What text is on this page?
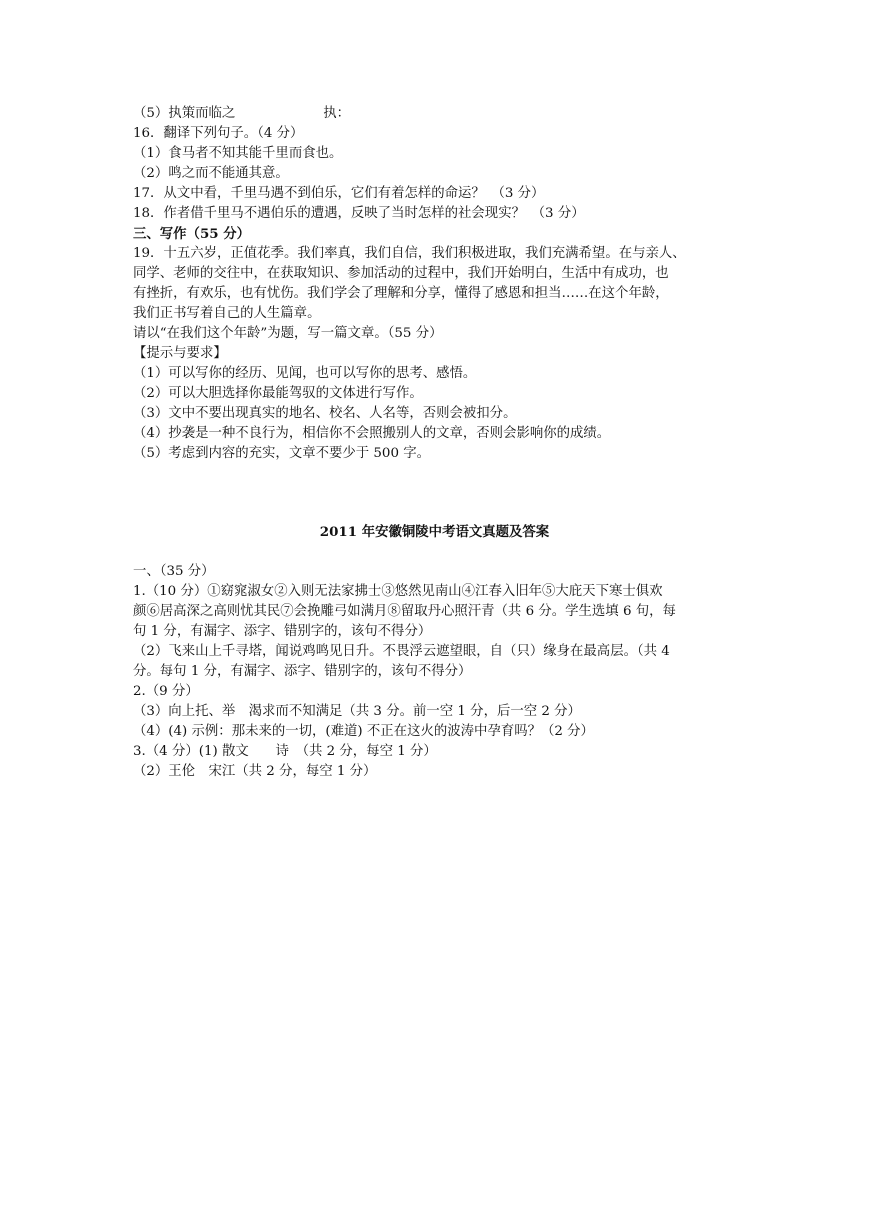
（5）执策而临之	执：
16．翻译下列句子。（4 分）
（1）食马者不知其能千里而食也。
（2）鸣之而不能通其意。
17．从文中看，千里马遇不到伯乐，它们有着怎样的命运？　（3 分）
18．作者借千里马不遇伯乐的遭遇，反映了当时怎样的社会现实？　（3 分）
三、写作（55 分）
19．十五六岁，正值花季。我们率真，我们自信，我们积极进取，我们充满希望。在与亲人、
同学、老师的交往中，在获取知识、参加活动的过程中，我们开始明白，生活中有成功，也
有挫折，有欢乐，也有忧伤。我们学会了理解和分享，懂得了感恩和担当……在这个年龄，
我们正书写着自己的人生篇章。
请以“在我们这个年龄”为题，写一篇文章。（55 分）
【提示与要求】
（1）可以写你的经历、见闻，也可以写你的思考、感悟。
（2）可以大胆选择你最能驾驭的文体进行写作。
（3）文中不要出现真实的地名、校名、人名等，否则会被扣分。
（4）抄袭是一种不良行为，相信你不会照搬别人的文章，否则会影响你的成绩。
（5）考虑到内容的充实，文章不要少于 500 字。
2011 年安徽铜陵中考语文真题及答案
一、（35 分）
1.（10 分）①窈窕淑女②入则无法家拂士③悠然见南山④江春入旧年⑤大庇天下寒士俱欢
颜⑥居高深之高则忧其民⑦会挽雕弓如满月⑧留取丹心照汗青（共 6 分。学生选填 6 句，每
句 1 分，有漏字、添字、错别字的，该句不得分）
（2）飞来山上千寻塔，闻说鸡鸣见日升。不畏浮云遮望眼，自（只）缘身在最高层。（共 4
分。每句 1 分，有漏字、添字、错别字的，该句不得分）
2.（9 分）
（3）向上托、举　渴求而不知满足（共 3 分。前一空 1 分，后一空 2 分）
（4）(4) 示例：那未来的一切，(难道) 不正在这火的波涛中孕育吗？（2 分）
3.（4 分）(1) 散文　　诗　（共 2 分，每空 1 分）
（2）王伦　宋江（共 2 分，每空 1 分）
